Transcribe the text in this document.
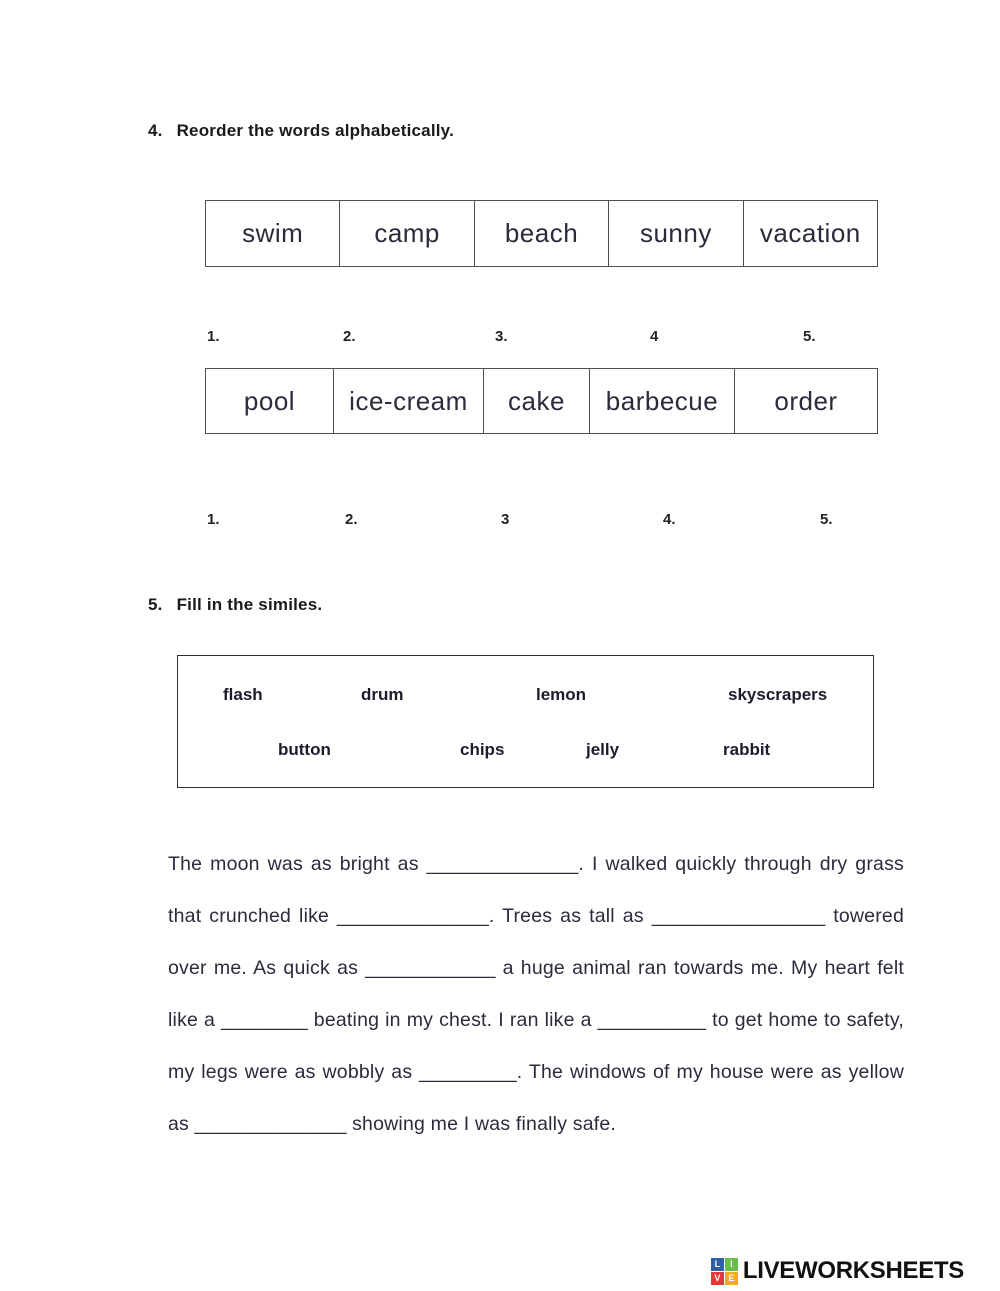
4. Reorder the words alphabetically.
swim	camp	beach	sunny	vacation
1.	2.	3.	4	5.
pool	ice-cream	cake	barbecue	order
1.	2.	3	4.	5.
5. Fill in the similes.
flash	drum	lemon	skyscrapers
button	chips	jelly	rabbit

The moon was as bright as ______________. I walked quickly through dry grass that crunched like ______________. Trees as tall as ________________ towered over me. As quick as ____________ a huge animal ran towards me. My heart felt like a ________ beating in my chest. I ran like a __________ to get home to safety, my legs were as wobbly as _________. The windows of my house were as yellow as ______________ showing me I was finally safe.

L	I
V E LIVEWORKSHEETS
